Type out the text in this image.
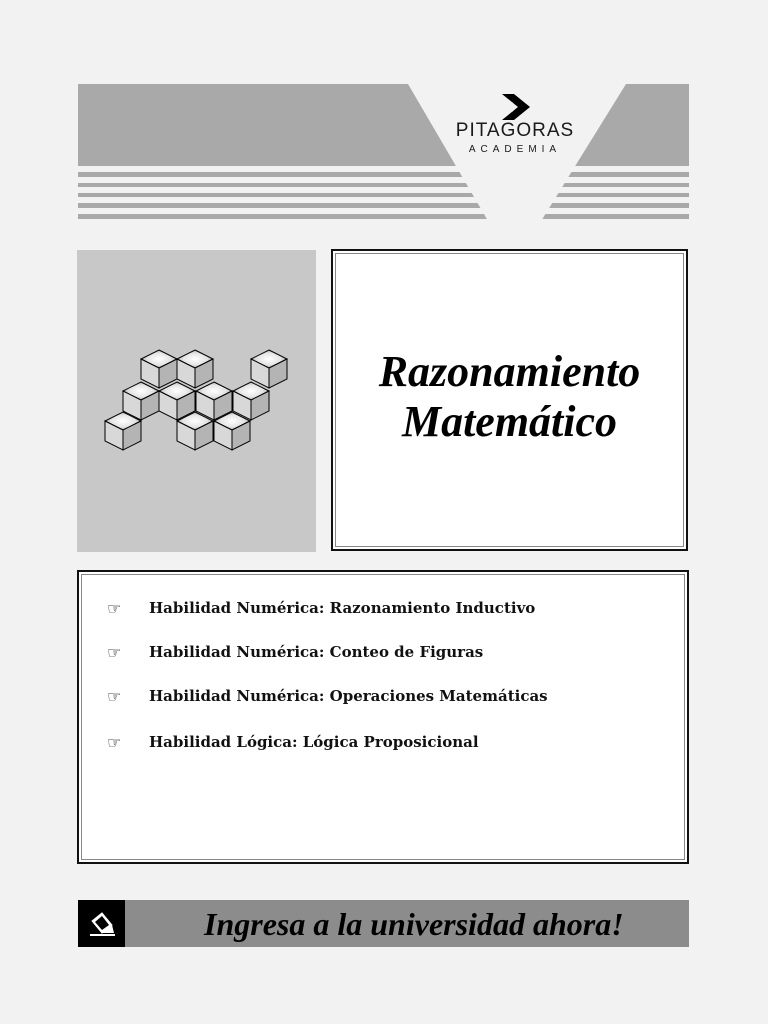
PITAGORAS
ACADEMIA
Razonamiento
Matemático
☞	Habilidad Numérica: Razonamiento Inductivo
☞	Habilidad Numérica: Conteo de Figuras
☞	Habilidad Numérica: Operaciones Matemáticas
☞	Habilidad Lógica: Lógica Proposicional
Ingresa a la universidad ahora!
